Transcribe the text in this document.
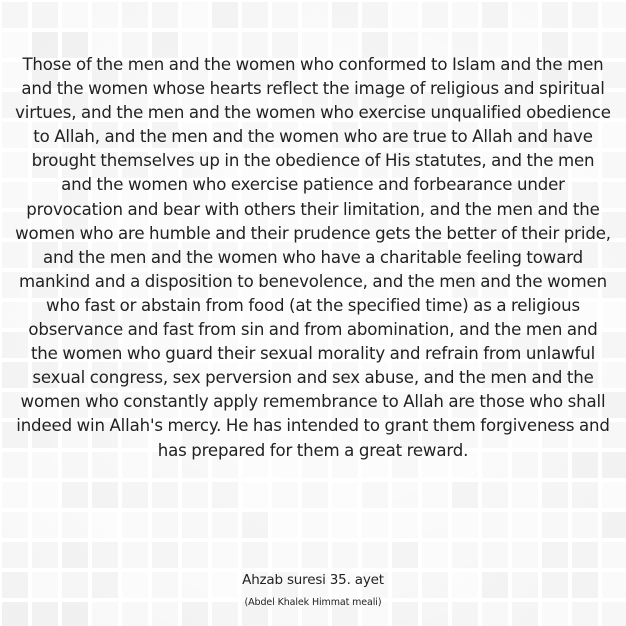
Those of the men and the women who conformed to Islam and the men and the women whose hearts reflect the image of religious and spiritual virtues, and the men and the women who exercise unqualified obedience to Allah, and the men and the women who are true to Allah and have brought themselves up in the obedience of His statutes, and the men and the women who exercise patience and forbearance under provocation and bear with others their limitation, and the men and the women who are humble and their prudence gets the better of their pride, and the men and the women who have a charitable feeling toward mankind and a disposition to benevolence, and the men and the women who fast or abstain from food (at the specified time) as a religious observance and fast from sin and from abomination, and the men and the women who guard their sexual morality and refrain from unlawful sexual congress, sex perversion and sex abuse, and the men and the women who constantly apply remembrance to Allah are those who shall indeed win Allah's mercy. He has intended to grant them forgiveness and has prepared for them a great reward.

Ahzab suresi 35. ayet
(Abdel Khalek Himmat meali)
